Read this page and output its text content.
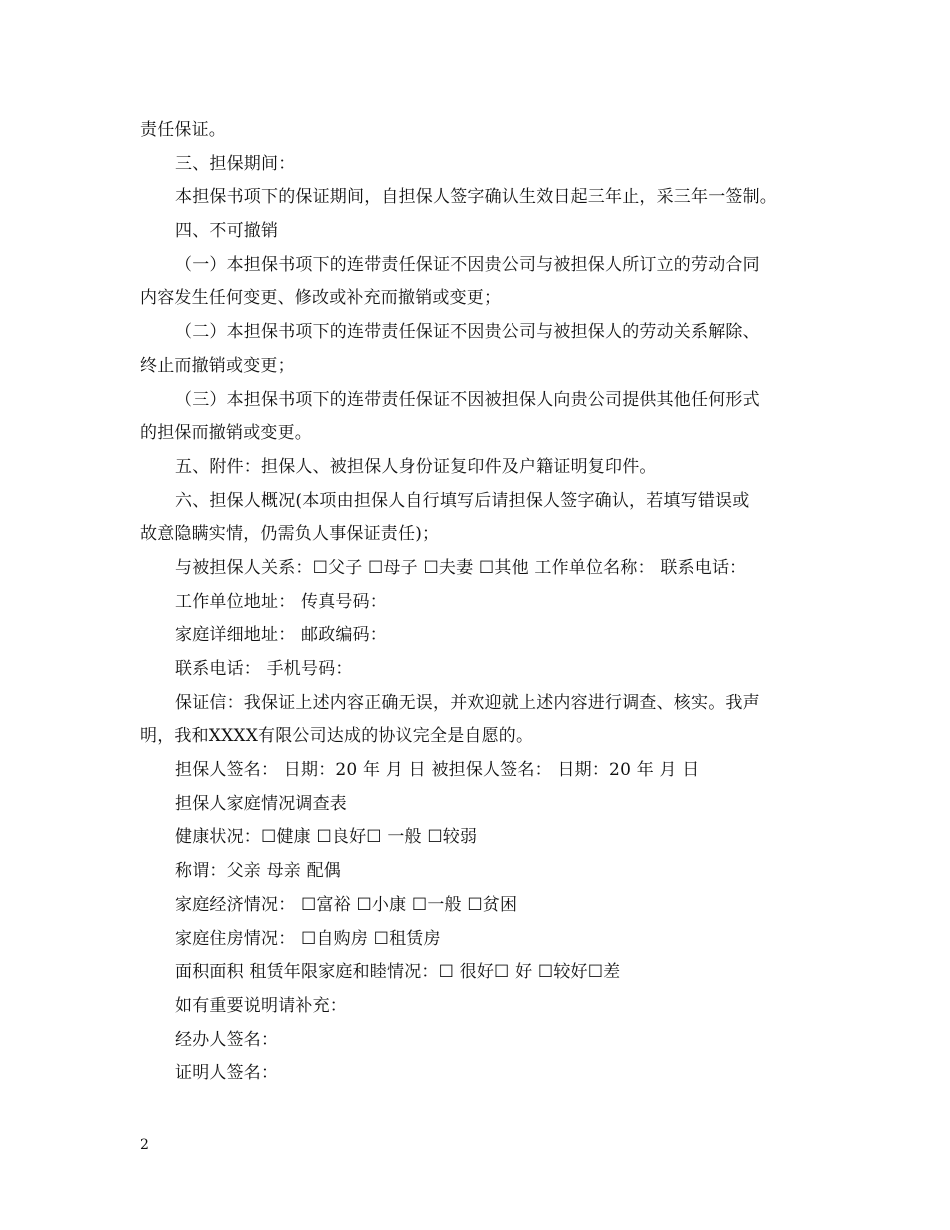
责任保证。
三、担保期间：
本担保书项下的保证期间，自担保人签字确认生效日起三年止，采三年一签制。
四、不可撤销
（一）本担保书项下的连带责任保证不因贵公司与被担保人所订立的劳动合同
内容发生任何变更、修改或补充而撤销或变更；
（二）本担保书项下的连带责任保证不因贵公司与被担保人的劳动关系解除、
终止而撤销或变更；
（三）本担保书项下的连带责任保证不因被担保人向贵公司提供其他任何形式
的担保而撤销或变更。
五、附件：担保人、被担保人身份证复印件及户籍证明复印件。
六、担保人概况(本项由担保人自行填写后请担保人签字确认，若填写错误或
故意隐瞒实情，仍需负人事保证责任)；
与被担保人关系：☐父子 ☐母子 ☐夫妻 ☐其他 工作单位名称： 联系电话：
工作单位地址： 传真号码：
家庭详细地址： 邮政编码：
联系电话： 手机号码：
保证信：我保证上述内容正确无误，并欢迎就上述内容进行调查、核实。我声
明，我和XXXX有限公司达成的协议完全是自愿的。
担保人签名： 日期：20 年 月 日 被担保人签名： 日期：20 年 月 日
担保人家庭情况调查表
健康状况：☐健康 ☐良好☐ 一般 ☐较弱
称谓：父亲 母亲 配偶
家庭经济情况： ☐富裕 ☐小康 ☐一般 ☐贫困
家庭住房情况： ☐自购房 ☐租赁房
面积面积 租赁年限家庭和睦情况：☐ 很好☐ 好 ☐较好☐差
如有重要说明请补充：
经办人签名：
证明人签名：
2
